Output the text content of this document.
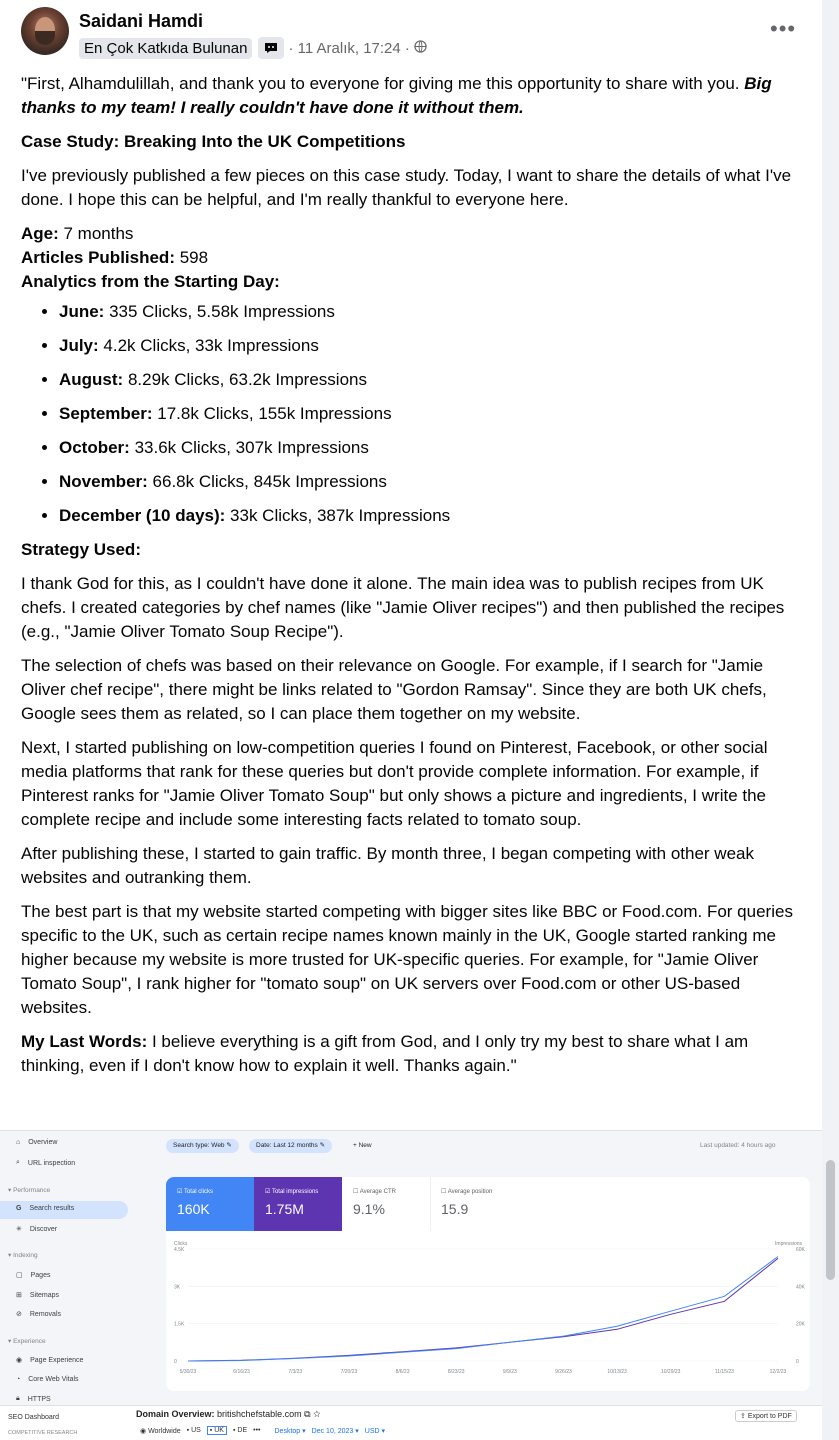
Saidani Hamdi
En Çok Katkıda Bulunan	· 11 Aralık, 17:24 ·
•••

"First, Alhamdulillah, and thank you to everyone for giving me this opportunity to share with you. Big thanks to my team! I really couldn't have done it without them.

Case Study: Breaking Into the UK Competitions

I've previously published a few pieces on this case study. Today, I want to share the details of what I've done. I hope this can be helpful, and I'm really thankful to everyone here.

Age: 7 months

Articles Published: 598

Analytics from the Starting Day:

• June: 335 Clicks, 5.58k Impressions
• July: 4.2k Clicks, 33k Impressions
• August: 8.29k Clicks, 63.2k Impressions
• September: 17.8k Clicks, 155k Impressions
• October: 33.6k Clicks, 307k Impressions
• November: 66.8k Clicks, 845k Impressions
• December (10 days): 33k Clicks, 387k Impressions

Strategy Used:

I thank God for this, as I couldn't have done it alone. The main idea was to publish recipes from UK chefs. I created categories by chef names (like "Jamie Oliver recipes") and then published the recipes (e.g., "Jamie Oliver Tomato Soup Recipe").

The selection of chefs was based on their relevance on Google. For example, if I search for "Jamie Oliver chef recipe", there might be links related to "Gordon Ramsay". Since they are both UK chefs, Google sees them as related, so I can place them together on my website.

Next, I started publishing on low-competition queries I found on Pinterest, Facebook, or other social media platforms that rank for these queries but don't provide complete information. For example, if Pinterest ranks for "Jamie Oliver Tomato Soup" but only shows a picture and ingredients, I write the complete recipe and include some interesting facts related to tomato soup.

After publishing these, I started to gain traffic. By month three, I began competing with other weak websites and outranking them.

The best part is that my website started competing with bigger sites like BBC or Food.com. For queries specific to the UK, such as certain recipe names known mainly in the UK, Google started ranking me higher because my website is more trusted for UK-specific queries. For example, for "Jamie Oliver Tomato Soup", I rank higher for "tomato soup" on UK servers over Food.com or other US-based websites.

My Last Words: I believe everything is a gift from God, and I only try my best to share what I am thinking, even if I don't know how to explain it well. Thanks again."

⌂ Overview
⌕ URL inspection
▾ Performance
G Search results
✳ Discover
▾ Indexing
▢ Pages
⊞ Sitemaps
⊘ Removals
▾ Experience
◉ Page Experience
◔ Core Web Vitals
🔒︎ HTTPS
Search type: Web ✎	Date: Last 12 months ✎	+ New	Last updated: 4 hours ago
☑ Total clicks
160K
☑ Total impressions
1.75M
☐ Average CTR
9.1%
☐ Average position
15.9
Clicks	Impressions
4.5K	60K
3K	40K
1.5K	20K
0	0
5/30/23	6/16/23	7/3/23	7/20/23	8/6/23	8/23/23	9/9/23	9/26/23	10/13/23	10/29/23	11/15/23	12/2/23
SEO Dashboard
COMPETITIVE RESEARCH
Domain Overview: britishchefstable.com ⧉ ☆
◉ Worldwide ▪ US	▪ UK	▪ DE ••• Desktop ▾ Dec 10, 2023 ▾ USD ▾
⇪ Export to PDF
